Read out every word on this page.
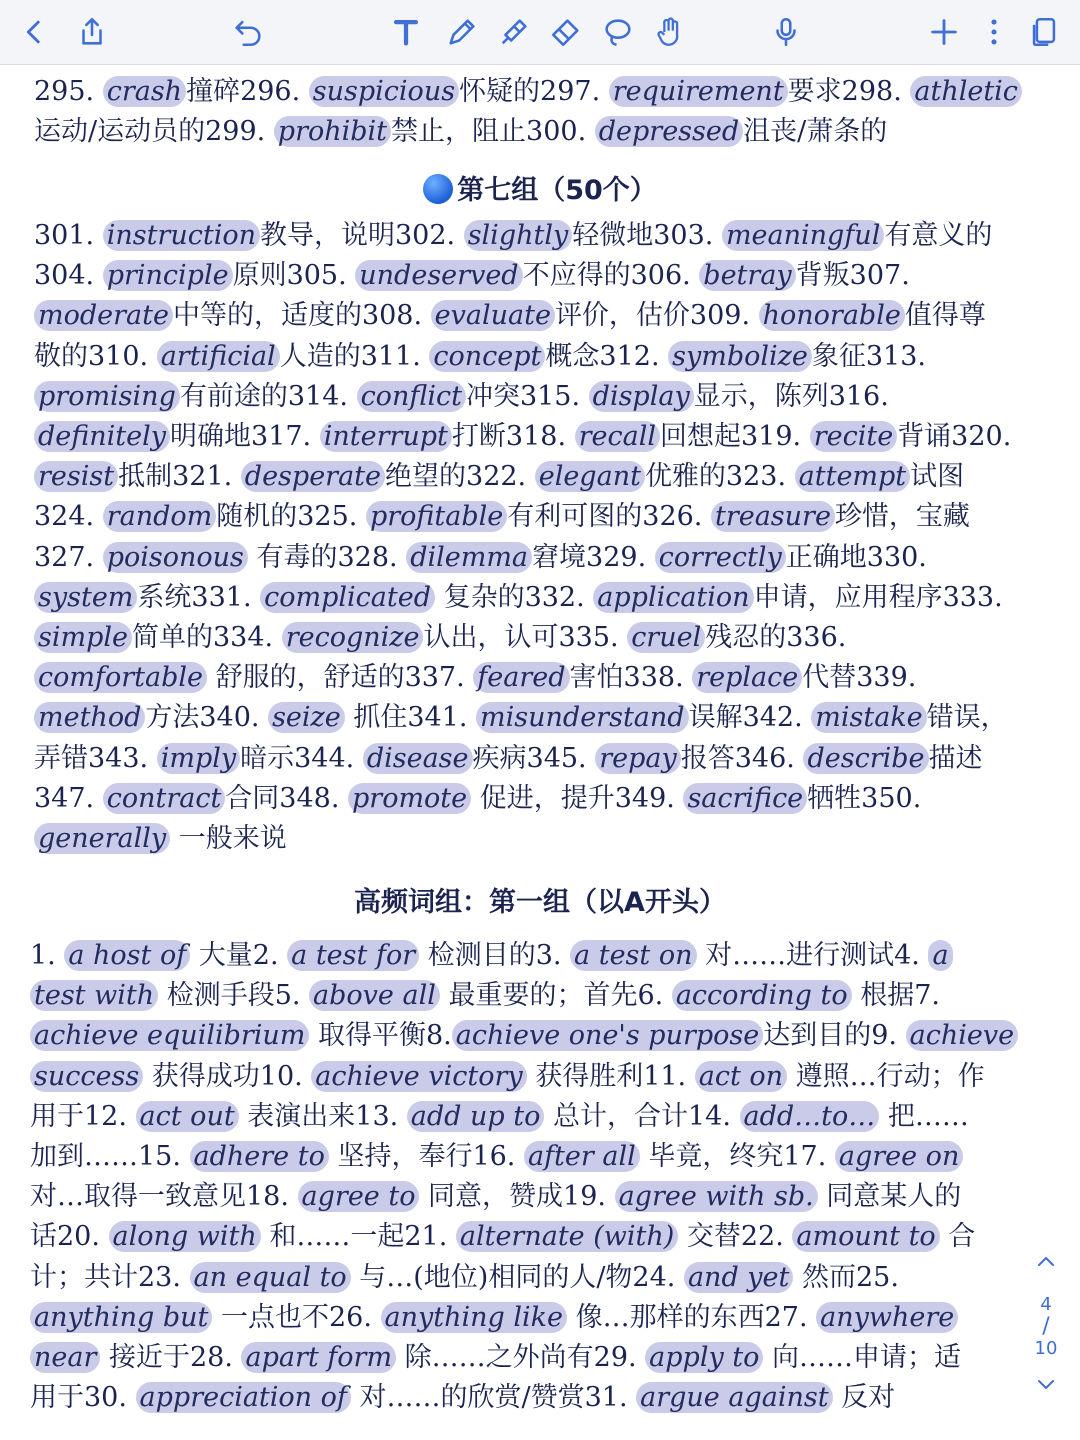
295. crash 撞碎296. suspicious 怀疑的297. requirement 要求298. athletic
运动/运动员的299. prohibit 禁止，阻止300. depressed 沮丧/萧条的
第七组（50个）
301. instruction 教导，说明302. slightly 轻微地303. meaningful 有意义的
304. principle 原则305. undeserved 不应得的306. betray 背叛307.
moderate 中等的，适度的308. evaluate 评价，估价309. honorable 值得尊
敬的310. artificial 人造的311. concept 概念312. symbolize 象征313.
promising 有前途的314. conflict 冲突315. display 显示，陈列316.
definitely 明确地317. interrupt 打断318. recall 回想起319. recite 背诵320.
resist 抵制321. desperate 绝望的322. elegant 优雅的323. attempt 试图
324. random 随机的325. profitable 有利可图的326. treasure 珍惜，宝藏
327. poisonous 有毒的328. dilemma 窘境329. correctly 正确地330.
system 系统331. complicated 复杂的332. application 申请，应用程序333.
simple 简单的334. recognize 认出，认可335. cruel 残忍的336.
comfortable 舒服的，舒适的337. feared 害怕338. replace 代替339.
method 方法340. seize 抓住341. misunderstand 误解342. mistake 错误，
弄错343. imply 暗示344. disease 疾病345. repay 报答346. describe 描述
347. contract 合同348. promote 促进，提升349. sacrifice 牺牲350.
generally 一般来说
高频词组：第一组（以A开头）
1. a host of 大量2. a test for 检测目的3. a test on 对……进行测试4. a
test with 检测手段5. above all 最重要的；首先6. according to 根据7.
achieve equilibrium 取得平衡8. achieve one's purpose 达到目的9. achieve
success 获得成功10. achieve victory 获得胜利11. act on 遵照…行动；作
用于12. act out 表演出来13. add up to 总计，合计14. add…to… 把……
加到……15. adhere to 坚持，奉行16. after all 毕竟，终究17. agree on
对…取得一致意见18. agree to 同意，赞成19. agree with sb. 同意某人的
话20. along with 和……一起21. alternate (with) 交替22. amount to 合
计；共计23. an equal to 与…(地位)相同的人/物24. and yet 然而25.
anything but 一点也不26. anything like 像…那样的东西27. anywhere
near 接近于28. apart form 除……之外尚有29. apply to 向……申请；适
用于30. appreciation of 对……的欣赏/赞赏31. argue against 反对
4
/
10
